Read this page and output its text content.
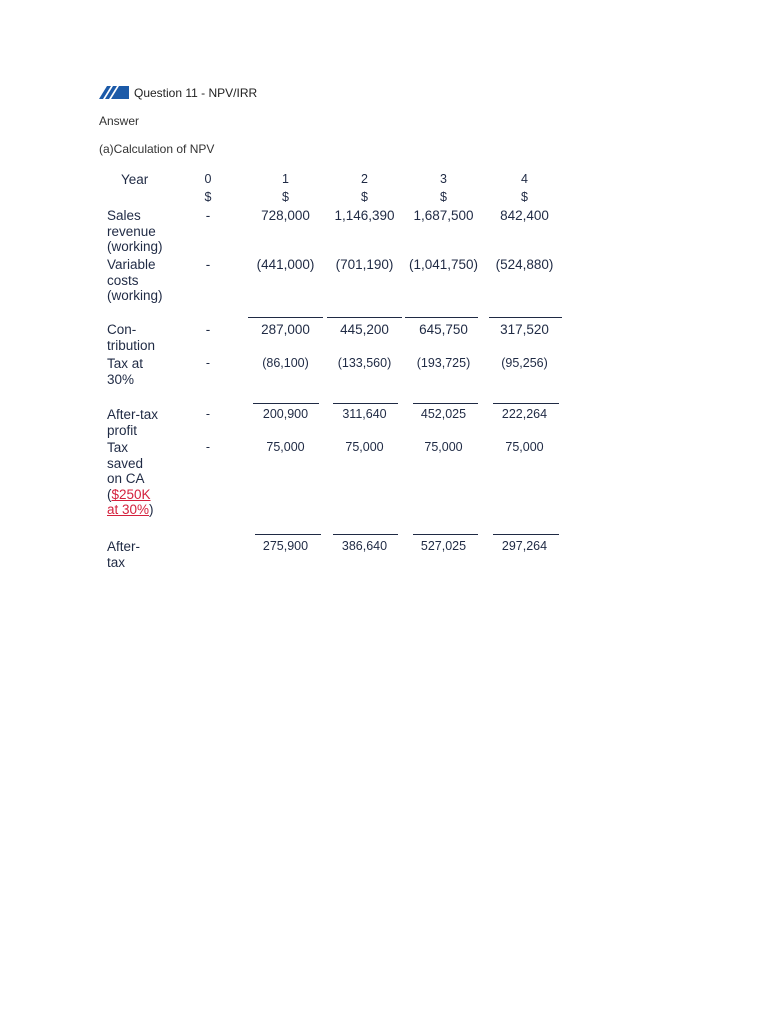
Question 11 - NPV/IRR
Answer
(a)Calculation of NPV
Year	0	1	2	3	4
$	$	$	$	$
Sales
revenue
(working)
-	728,000	1,146,390	1,687,500	842,400
Variable
costs
(working)
-	(441,000)	(701,190)	(1,041,750)	(524,880)
Con-
tribution
-	287,000	445,200	645,750	317,520
Tax at
30%
-	(86,100)	(133,560)	(193,725)	(95,256)
After-tax
profit
-	200,900	311,640	452,025	222,264
Tax
saved
on CA
($250K
at 30%)
-	75,000	75,000	75,000	75,000
After-
tax
275,900	386,640	527,025	297,264
